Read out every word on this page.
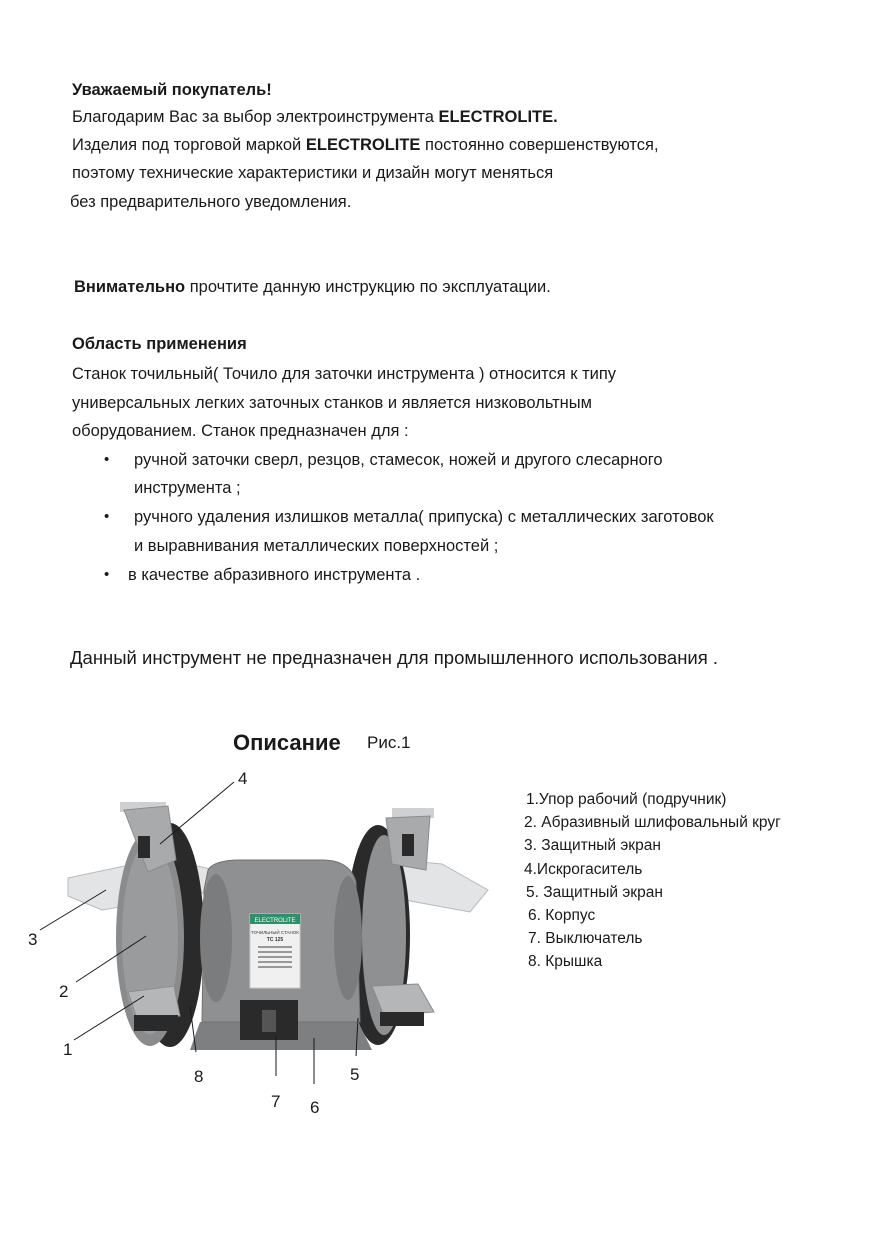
Уважаемый покупатель!
Благодарим Вас за выбор электроинструмента ELECTROLITE.
Изделия под торговой маркой ELECTROLITE постоянно совершенствуются,
поэтому технические характеристики и дизайн могут меняться
без предварительного уведомления.
Внимательно прочтите данную инструкцию по эксплуатации.
Область применения
Станок точильный( Точило для заточки инструмента ) относится к типу
универсальных легких заточных станков и является низковольтным
оборудованием. Станок предназначен для :
• ручной заточки сверл, резцов, стамесок, ножей и другого слесарного
инструмента ;
• ручного удаления излишков металла( припуска) с металлических заготовок
и выравнивания металлических поверхностей ;
• в качестве абразивного инструмента .
Данный инструмент не предназначен для промышленного использования .
Описание Рис.1
1.Упор рабочий (подручник)
2. Абразивный шлифовальный круг
3. Защитный экран
4.Искрогаситель
5. Защитный экран
6. Корпус
7. Выключатель
8. Крышка
ELECTROLITE
ТОЧИЛЬНЫЙ СТАНОК
ТС 125
4
3
2
1
8	5
7 6
